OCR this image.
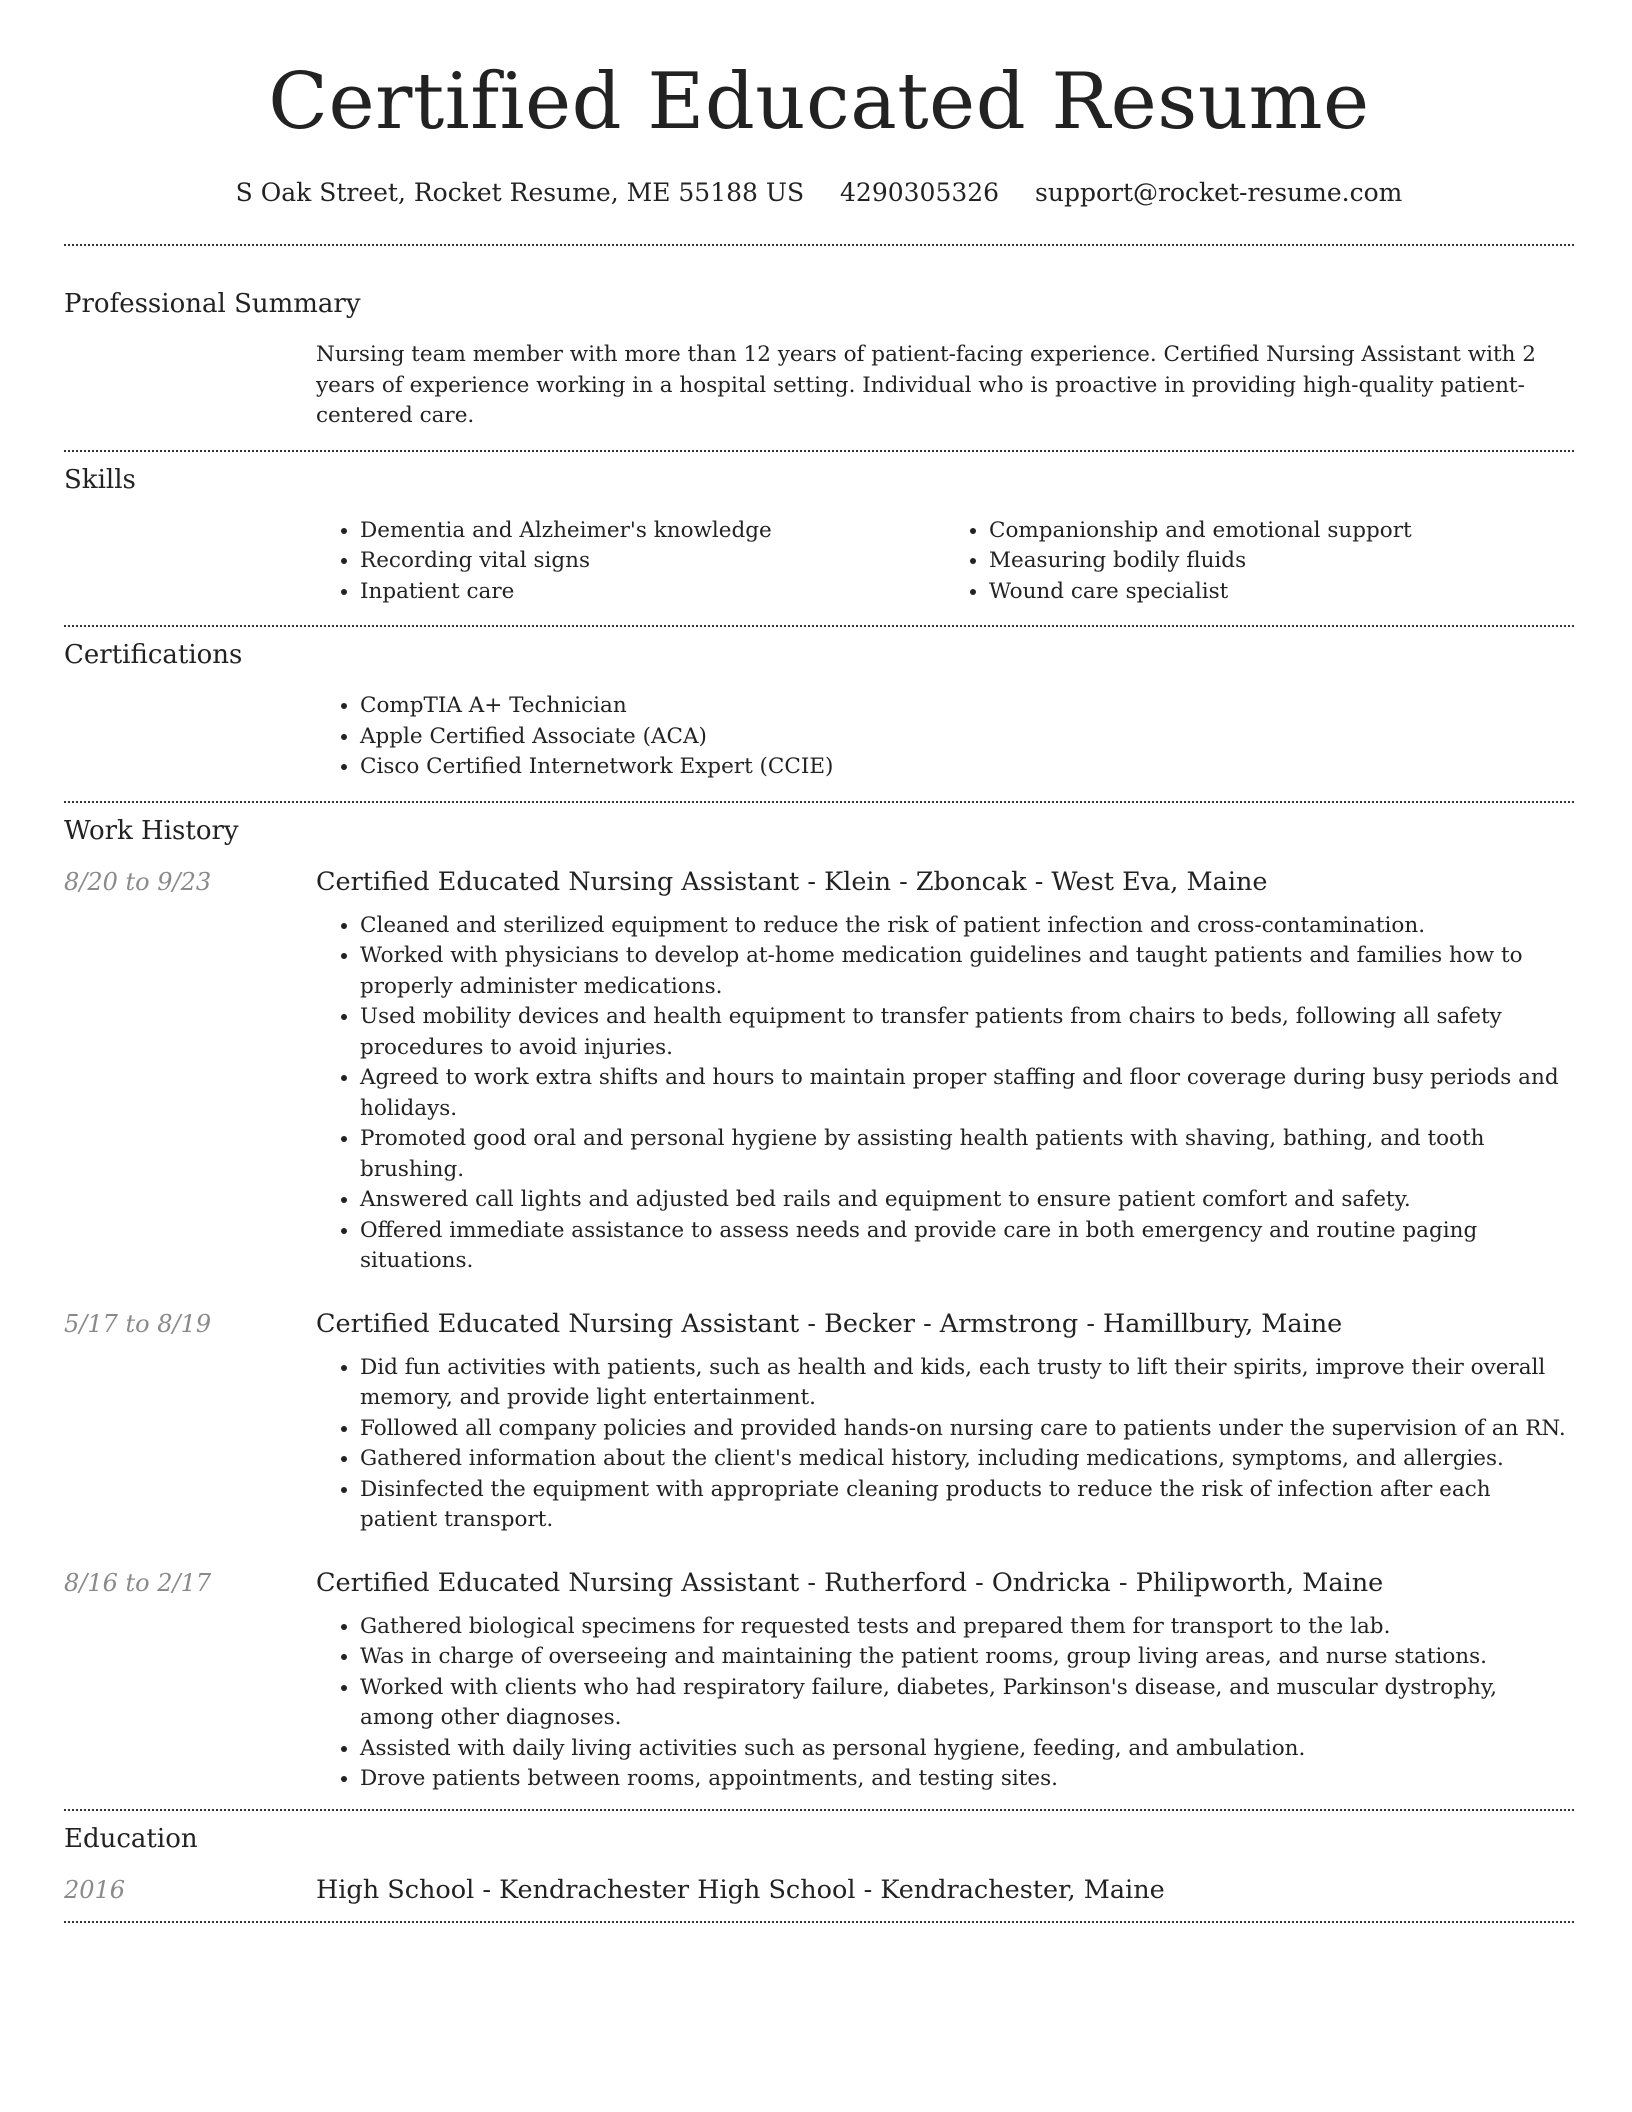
Certified Educated Resume
S Oak Street, Rocket Resume, ME 55188 US 4290305326 support@rocket-resume.com
Professional Summary
Nursing team member with more than 12 years of patient-facing experience. Certified Nursing Assistant with 2 years of experience working in a hospital setting. Individual who is proactive in providing high-quality patient-centered care.
Skills
• Dementia and Alzheimer's knowledge
• Recording vital signs
• Inpatient care
• Companionship and emotional support
• Measuring bodily fluids
• Wound care specialist
Certifications
• CompTIA A+ Technician
• Apple Certified Associate (ACA)
• Cisco Certified Internetwork Expert (CCIE)
Work History
8/20 to 9/23	Certified Educated Nursing Assistant - Klein - Zboncak - West Eva, Maine
• Cleaned and sterilized equipment to reduce the risk of patient infection and cross-contamination.
• Worked with physicians to develop at-home medication guidelines and taught patients and families how to properly administer medications.
• Used mobility devices and health equipment to transfer patients from chairs to beds, following all safety procedures to avoid injuries.
• Agreed to work extra shifts and hours to maintain proper staffing and floor coverage during busy periods and holidays.
• Promoted good oral and personal hygiene by assisting health patients with shaving, bathing, and tooth brushing.
• Answered call lights and adjusted bed rails and equipment to ensure patient comfort and safety.
• Offered immediate assistance to assess needs and provide care in both emergency and routine paging situations.
5/17 to 8/19	Certified Educated Nursing Assistant - Becker - Armstrong - Hamillbury, Maine
• Did fun activities with patients, such as health and kids, each trusty to lift their spirits, improve their overall memory, and provide light entertainment.
• Followed all company policies and provided hands-on nursing care to patients under the supervision of an RN.
• Gathered information about the client's medical history, including medications, symptoms, and allergies.
• Disinfected the equipment with appropriate cleaning products to reduce the risk of infection after each patient transport.
8/16 to 2/17	Certified Educated Nursing Assistant - Rutherford - Ondricka - Philipworth, Maine
• Gathered biological specimens for requested tests and prepared them for transport to the lab.
• Was in charge of overseeing and maintaining the patient rooms, group living areas, and nurse stations.
• Worked with clients who had respiratory failure, diabetes, Parkinson's disease, and muscular dystrophy, among other diagnoses.
• Assisted with daily living activities such as personal hygiene, feeding, and ambulation.
• Drove patients between rooms, appointments, and testing sites.
Education
2016	High School - Kendrachester High School - Kendrachester, Maine
